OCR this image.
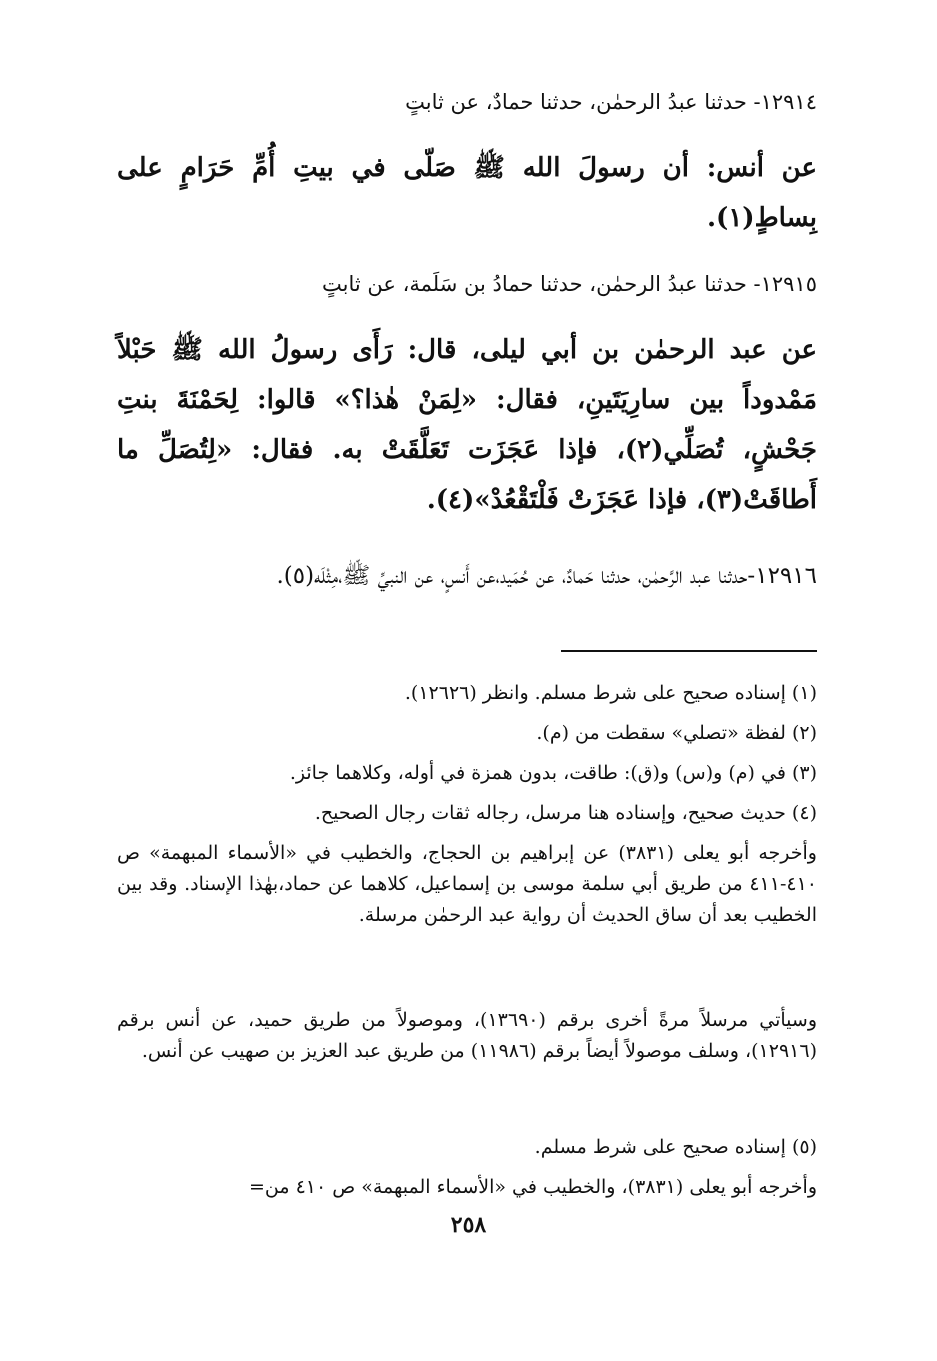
١٢٩١٤- حدثنا عبدُ الرحمٰن، حدثنا حمادٌ، عن ثابتٍ

عن أنس: أن رسولَ الله ﷺ صَلّى في بيتِ أُمِّ حَرَامٍ على بِساطٍ(١).

١٢٩١٥- حدثنا عبدُ الرحمٰن، حدثنا حمادُ بن سَلَمة، عن ثابتٍ

عن عبد الرحمٰن بن أبي ليلى، قال: رَأَى رسولُ الله ﷺ حَبْلاً مَمْدوداً بين سارِيَتَينِ، فقال: «لِمَنْ هٰذا؟» قالوا: لِحَمْنَةَ بنتِ جَحْشٍ، تُصَلِّي(٢)، فإذا عَجَزَت تَعَلَّقَتْ به. فقال: «لِتُصَلِّ ما أَطاقَتْ(٣)، فإذا عَجَزَتْ فَلْتَقْعُدْ»(٤).

١٢٩١٦-حدثنا عبد الرَّحمٰن، حدثنا حَمادٌ، عن حُمَيد،عن أَنسٍ، عن النبيِّ ﷺ،مِثْلَه(٥).

(١) إسناده صحيح على شرط مسلم. وانظر (١٢٦٢٦).

(٢) لفظة «تصلي» سقطت من (م).

(٣) في (م) و(س) و(ق): طاقت، بدون همزة في أوله، وكلاهما جائز.

(٤) حديث صحيح، وإسناده هنا مرسل، رجاله ثقات رجال الصحيح.

وأخرجه أبو يعلى (٣٨٣١) عن إبراهيم بن الحجاج، والخطيب في «الأسماء المبهمة» ص ٤١٠-٤١١ من طريق أبي سلمة موسى بن إسماعيل، كلاهما عن حماد،بهٰذا الإسناد. وقد بين الخطيب بعد أن ساق الحديث أن رواية عبد الرحمٰن مرسلة.

وسيأتي مرسلاً مرةً أخرى برقم (١٣٦٩٠)، وموصولاً من طريق حميد، عن أنس برقم (١٢٩١٦)، وسلف موصولاً أيضاً برقم (١١٩٨٦) من طريق عبد العزيز بن صهيب عن أنس.

(٥) إسناده صحيح على شرط مسلم.

وأخرجه أبو يعلى (٣٨٣١)، والخطيب في «الأسماء المبهمة» ص ٤١٠ من=

٢٥٨
